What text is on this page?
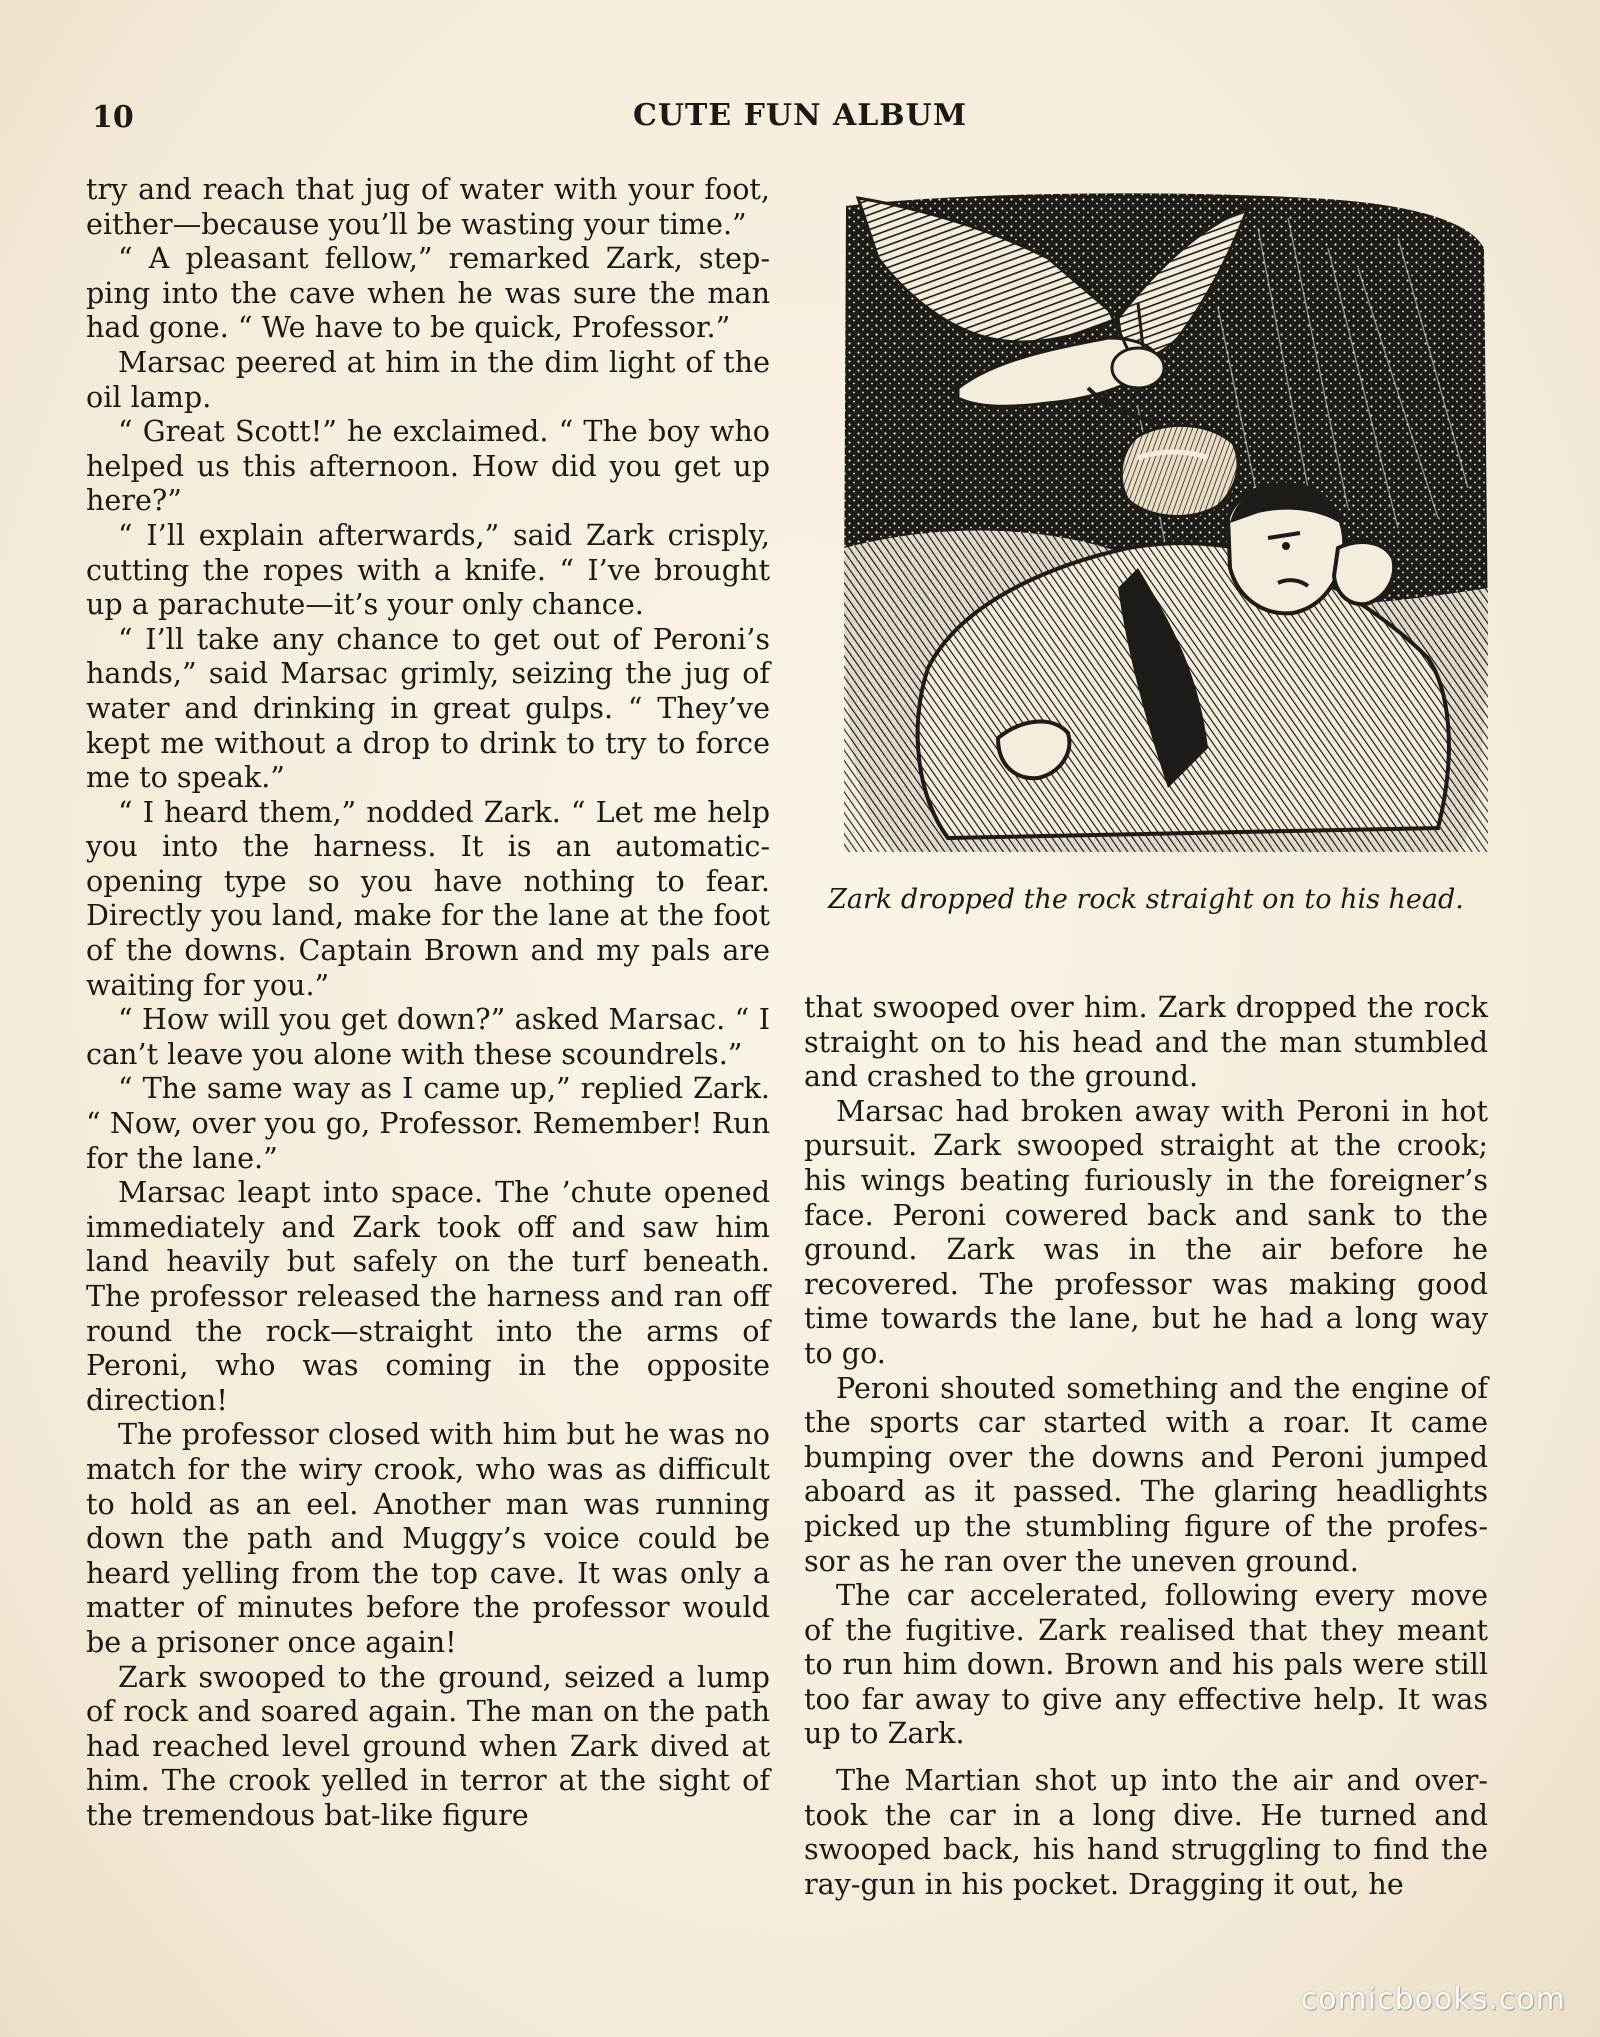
10	CUTE FUN ALBUM

try and reach that jug of water with your foot, either—because you’ll be wasting your time.”

“ A pleasant fellow,” remarked Zark, stepping into the cave when he was sure the man had gone. “ We have to be quick, Professor.”

Marsac peered at him in the dim light of the oil lamp.

“ Great Scott!” he exclaimed. “ The boy who helped us this afternoon. How did you get up here?”

“ I’ll explain afterwards,” said Zark crisply, cutting the ropes with a knife. “ I’ve brought up a parachute—it’s your only chance.

“ I’ll take any chance to get out of Peroni’s hands,” said Marsac grimly, seizing the jug of water and drinking in great gulps. “ They’ve kept me without a drop to drink to try to force me to speak.”

“ I heard them,” nodded Zark. “ Let me help you into the harness. It is an automatic-opening type so you have nothing to fear. Directly you land, make for the lane at the foot of the downs. Captain Brown and my pals are waiting for you.”

“ How will you get down?” asked Marsac. “ I can’t leave you alone with these scoundrels.”

“ The same way as I came up,” replied Zark. “ Now, over you go, Professor. Remember! Run for the lane.”

Marsac leapt into space. The ’chute opened immediately and Zark took off and saw him land heavily but safely on the turf beneath. The professor released the harness and ran off round the rock—straight into the arms of Peroni, who was coming in the opposite direction!

The professor closed with him but he was no match for the wiry crook, who was as difficult to hold as an eel. Another man was running down the path and Muggy’s voice could be heard yelling from the top cave. It was only a matter of minutes before the professor would be a prisoner once again!

Zark swooped to the ground, seized a lump of rock and soared again. The man on the path had reached level ground when Zark dived at him. The crook yelled in terror at the sight of the tremendous bat-like figure

Zark dropped the rock straight on to his head.

that swooped over him. Zark dropped the rock straight on to his head and the man stumbled and crashed to the ground.

Marsac had broken away with Peroni in hot pursuit. Zark swooped straight at the crook; his wings beating furiously in the foreigner’s face. Peroni cowered back and sank to the ground. Zark was in the air before he recovered. The professor was making good time towards the lane, but he had a long way to go.

Peroni shouted something and the engine of the sports car started with a roar. It came bumping over the downs and Peroni jumped aboard as it passed. The glaring headlights picked up the stumbling figure of the professor as he ran over the uneven ground.

The car accelerated, following every move of the fugitive. Zark realised that they meant to run him down. Brown and his pals were still too far away to give any effective help. It was up to Zark.

The Martian shot up into the air and overtook the car in a long dive. He turned and swooped back, his hand struggling to find the ray-gun in his pocket. Dragging it out, he

comicbooks.com
